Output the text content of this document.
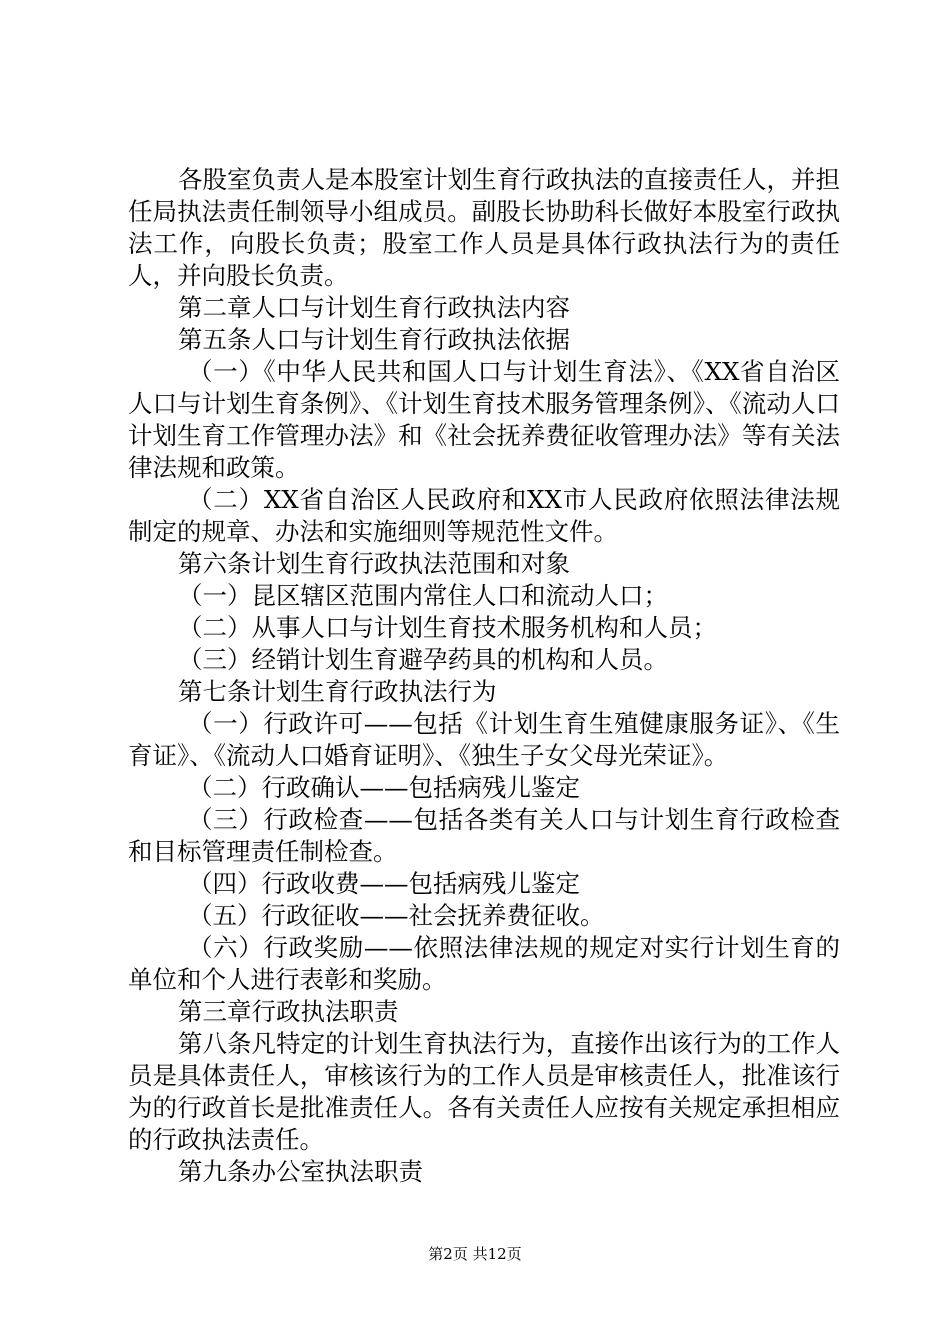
各股室负责人是本股室计划生育行政执法的直接责任人，并担任局执法责任制领导小组成员。副股长协助科长做好本股室行政执法工作，向股长负责；股室工作人员是具体行政执法行为的责任人，并向股长负责。

第二章人口与计划生育行政执法内容

第五条人口与计划生育行政执法依据

（一）《中华人民共和国人口与计划生育法》、《XX省自治区人口与计划生育条例》、《计划生育技术服务管理条例》、《流动人口计划生育工作管理办法》和《社会抚养费征收管理办法》等有关法律法规和政策。

（二）XX省自治区人民政府和XX市人民政府依照法律法规制定的规章、办法和实施细则等规范性文件。

第六条计划生育行政执法范围和对象

（一）昆区辖区范围内常住人口和流动人口；

（二）从事人口与计划生育技术服务机构和人员；

（三）经销计划生育避孕药具的机构和人员。

第七条计划生育行政执法行为

（一）行政许可——包括《计划生育生殖健康服务证》、《生育证》、《流动人口婚育证明》、《独生子女父母光荣证》。

（二）行政确认——包括病残儿鉴定

（三）行政检查——包括各类有关人口与计划生育行政检查和目标管理责任制检查。

（四）行政收费——包括病残儿鉴定

（五）行政征收——社会抚养费征收。

（六）行政奖励——依照法律法规的规定对实行计划生育的单位和个人进行表彰和奖励。

第三章行政执法职责

第八条凡特定的计划生育执法行为，直接作出该行为的工作人员是具体责任人，审核该行为的工作人员是审核责任人，批准该行为的行政首长是批准责任人。各有关责任人应按有关规定承担相应的行政执法责任。

第九条办公室执法职责

第2页 共12页
